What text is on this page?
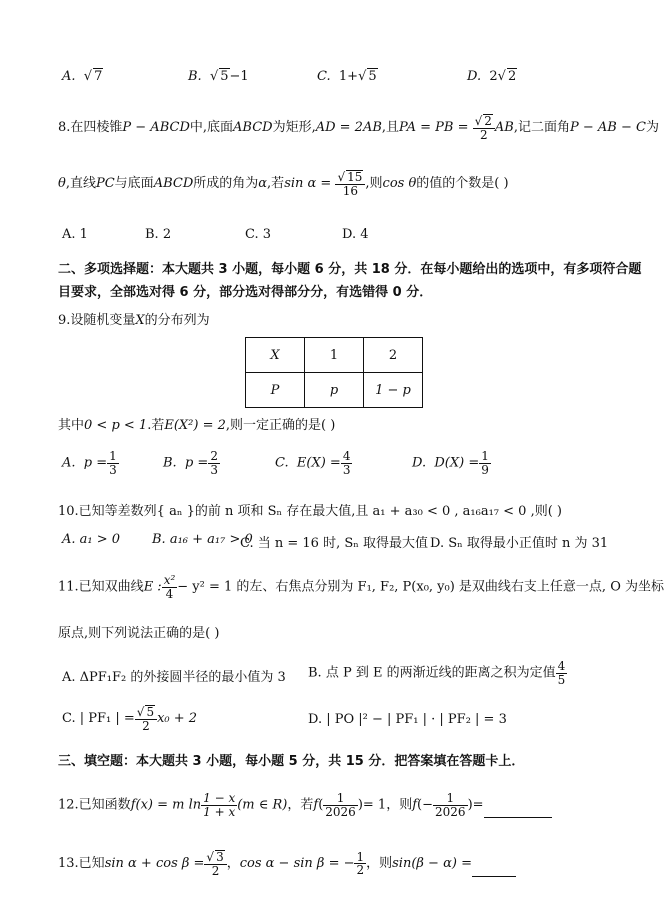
A.  √ 7	B.  √ 5−1	C. 1+√ 5	D. 2√ 2
8.在四棱锥P − ABCD中,底面ABCD为矩形,AD = 2AB,且PA = PB = $\frac{√ 2}{2}$ AB,记二面角P − AB − C为
θ,直线PC与底面ABCD所成的角为α,若$\sin \alpha = \frac{√ 15}{16}$ ,则cos θ的值的个数是( )
A. 1	B. 2	C. 3	D. 4
二、多项选择题：本大题共 3 小题，每小题 6 分，共 18 分．在每小题给出的选项中，有多项符合题
目要求，全部选对得 6 分，部分选对得部分分，有选错得 0 分．
9.设随机变量X的分布列为
X	1	2
P	p	1 − p
其中0 < p < 1.若E(X²) = 2,则一定正确的是( )
A. $p = \frac{1}{3}$	B. $p = \frac{2}{3}$	C. $E(X) = \frac{4}{3}$	D. $D(X) = \frac{1}{9}$
10.已知等差数列{ aₙ }的前 n 项和 Sₙ 存在最大值,且 a₁ + a₃₀ < 0 , a₁₆a₁₇ < 0 ,则( )
A. a₁ > 0 B. a₁₆ + a₁₇ > 0
C. 当 n = 16 时, Sₙ 取得最大值 D. Sₙ 取得最小正值时 n 为 31
11.已知双曲线E : $\frac{\text{x²}}{4} - y^2 = 1$ 的左、右焦点分别为 F₁, F₂, P(x₀, y₀) 是双曲线右支上任意一点, O 为坐标
原点,则下列说法正确的是( )
A. ΔPF₁F₂ 的外接圆半径的最小值为 3 B. 点 P 到 E 的两渐近线的距离之积为定值 $\frac{4}{5}$
C. | PF₁ | = $\frac{√ 5}{2} x_0 + 2$	D. | PO |² − | PF₁ | · | PF₂ | = 3
三、填空题：本大题共 3 小题，每小题 5 分，共 15 分．把答案填在答题卡上．
12.已知函数f(x) = m $\ln \frac{1 - x}{1 + x} (m$ ∈ R)，若$f( \frac{1}{2026}$ )= 1，则$f(- \frac{1}{2026}$ )=
13.已知$\sin \alpha + \cos \beta = \frac{√ 3}{2}$ ，cos α − sin β = − $\frac{1}{2}$ ，则sin(β − α) =
